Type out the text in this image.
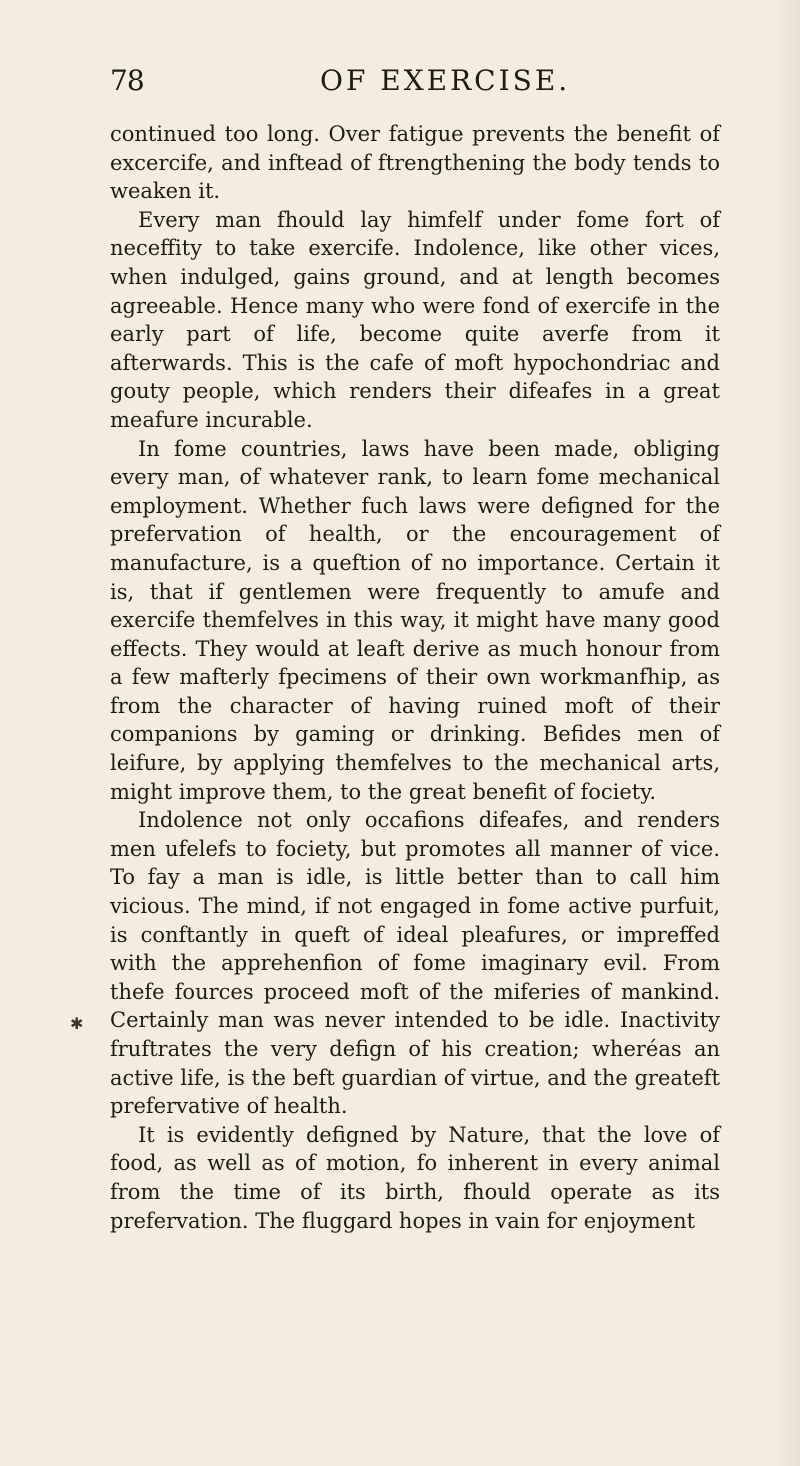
78	OF EXERCISE.

continued too long. Over fatigue prevents the benefit of excercife, and inftead of ftrengthening the body tends to weaken it.

Every man fhould lay himfelf under fome fort of neceffity to take exercife. Indolence, like other vices, when indulged, gains ground, and at length becomes agreeable. Hence many who were fond of exercife in the early part of life, become quite averfe from it afterwards. This is the cafe of moft hypochondriac and gouty people, which renders their difeafes in a great meafure incurable.

In fome countries, laws have been made, obliging every man, of whatever rank, to learn fome mechanical employment. Whether fuch laws were defigned for the prefervation of health, or the encouragement of manufacture, is a queftion of no importance. Certain it is, that if gentlemen were frequently to amufe and exercife themfelves in this way, it might have many good effects. They would at leaft derive as much honour from a few mafterly fpecimens of their own workmanfhip, as from the character of having ruined moft of their companions by gaming or drinking. Befides men of leifure, by applying themfelves to the mechanical arts, might improve them, to the great benefit of fociety.

Indolence not only occafions difeafes, and renders men ufelefs to fociety, but promotes all manner of vice. To fay a man is idle, is little better than to call him vicious. The mind, if not engaged in fome active purfuit, is conftantly in queft of ideal pleafures, or impreffed with the apprehenfion of fome imaginary evil. From thefe fources proceed moft of the miferies of mankind. Certainly man was never intended to be idle. Inactivity fruftrates the very defign of his creation; wheréas an active life, is the beft guardian of virtue, and the greateft prefervative of health.

It is evidently defigned by Nature, that the love of food, as well as of motion, fo inherent in every animal from the time of its birth, fhould operate as its prefervation. The fluggard hopes in vain for enjoyment

✱
